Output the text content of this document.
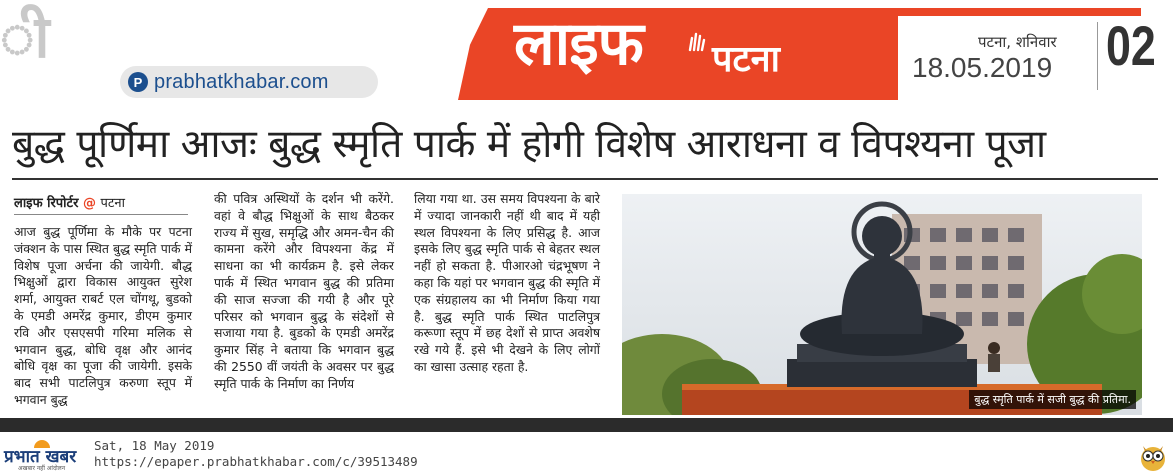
ी
P prabhatkhabar.com
लाइफ पटना	पटना, शनिवार
18.05.2019 02
बुद्ध पूर्णिमा आजः बुद्ध स्मृति पार्क में होगी विशेष आराधना व विपश्यना पूजा
लाइफ रिपोर्टर @ पटना

आज बुद्ध पूर्णिमा के मौके पर पटना जंक्शन के पास स्थित बुद्ध स्मृति पार्क में विशेष पूजा अर्चना की जायेगी. बौद्ध भिक्षुओं द्वारा विकास आयुक्त सुरेश शर्मा, आयुक्त राबर्ट एल चोंगथू, बुडको के एमडी अमरेंद्र कुमार, डीएम कुमार रवि और एसएसपी गरिमा मलिक से भगवान बुद्ध, बोधि वृक्ष और आनंद बोधि वृक्ष का पूजा की जायेगी. इसके बाद सभी पाटलिपुत्र करुणा स्तूप में भगवान बुद्ध

की पवित्र अस्थियों के दर्शन भी करेंगे. वहां वे बौद्ध भिक्षुओं के साथ बैठकर राज्य में सुख, समृद्धि और अमन-चैन की कामना करेंगे और विपश्यना केंद्र में साधना का भी कार्यक्रम है. इसे लेकर पार्क में स्थित भगवान बुद्ध की प्रतिमा की साज सज्जा की गयी है और पूरे परिसर को भगवान बुद्ध के संदेशों से सजाया गया है. बुडको के एमडी अमरेंद्र कुमार सिंह ने बताया कि भगवान बुद्ध की 2550 वीं जयंती के अवसर पर बुद्ध स्मृति पार्क के निर्माण का निर्णय

लिया गया था. उस समय विपश्यना के बारे में ज्यादा जानकारी नहीं थी बाद में यही स्थल विपश्यना के लिए प्रसिद्ध है. आज इसके लिए बुद्ध स्मृति पार्क से बेहतर स्थल नहीं हो सकता है. पीआरओ चंद्रभूषण ने कहा कि यहां पर भगवान बुद्ध की स्मृति में एक संग्रहालय का भी निर्माण किया गया है. बुद्ध स्मृति पार्क स्थित पाटलिपुत्र करूणा स्तूप में छह देशों से प्राप्त अवशेष रखे गये हैं. इसे भी देखने के लिए लोगों का खासा उत्साह रहता है.

बुद्ध स्मृति पार्क में सजी बुद्ध की प्रतिमा.
प्रभात खबर
अखबार नहीं आंदोलन
Sat, 18 May 2019
https://epaper.prabhatkhabar.com/c/39513489
